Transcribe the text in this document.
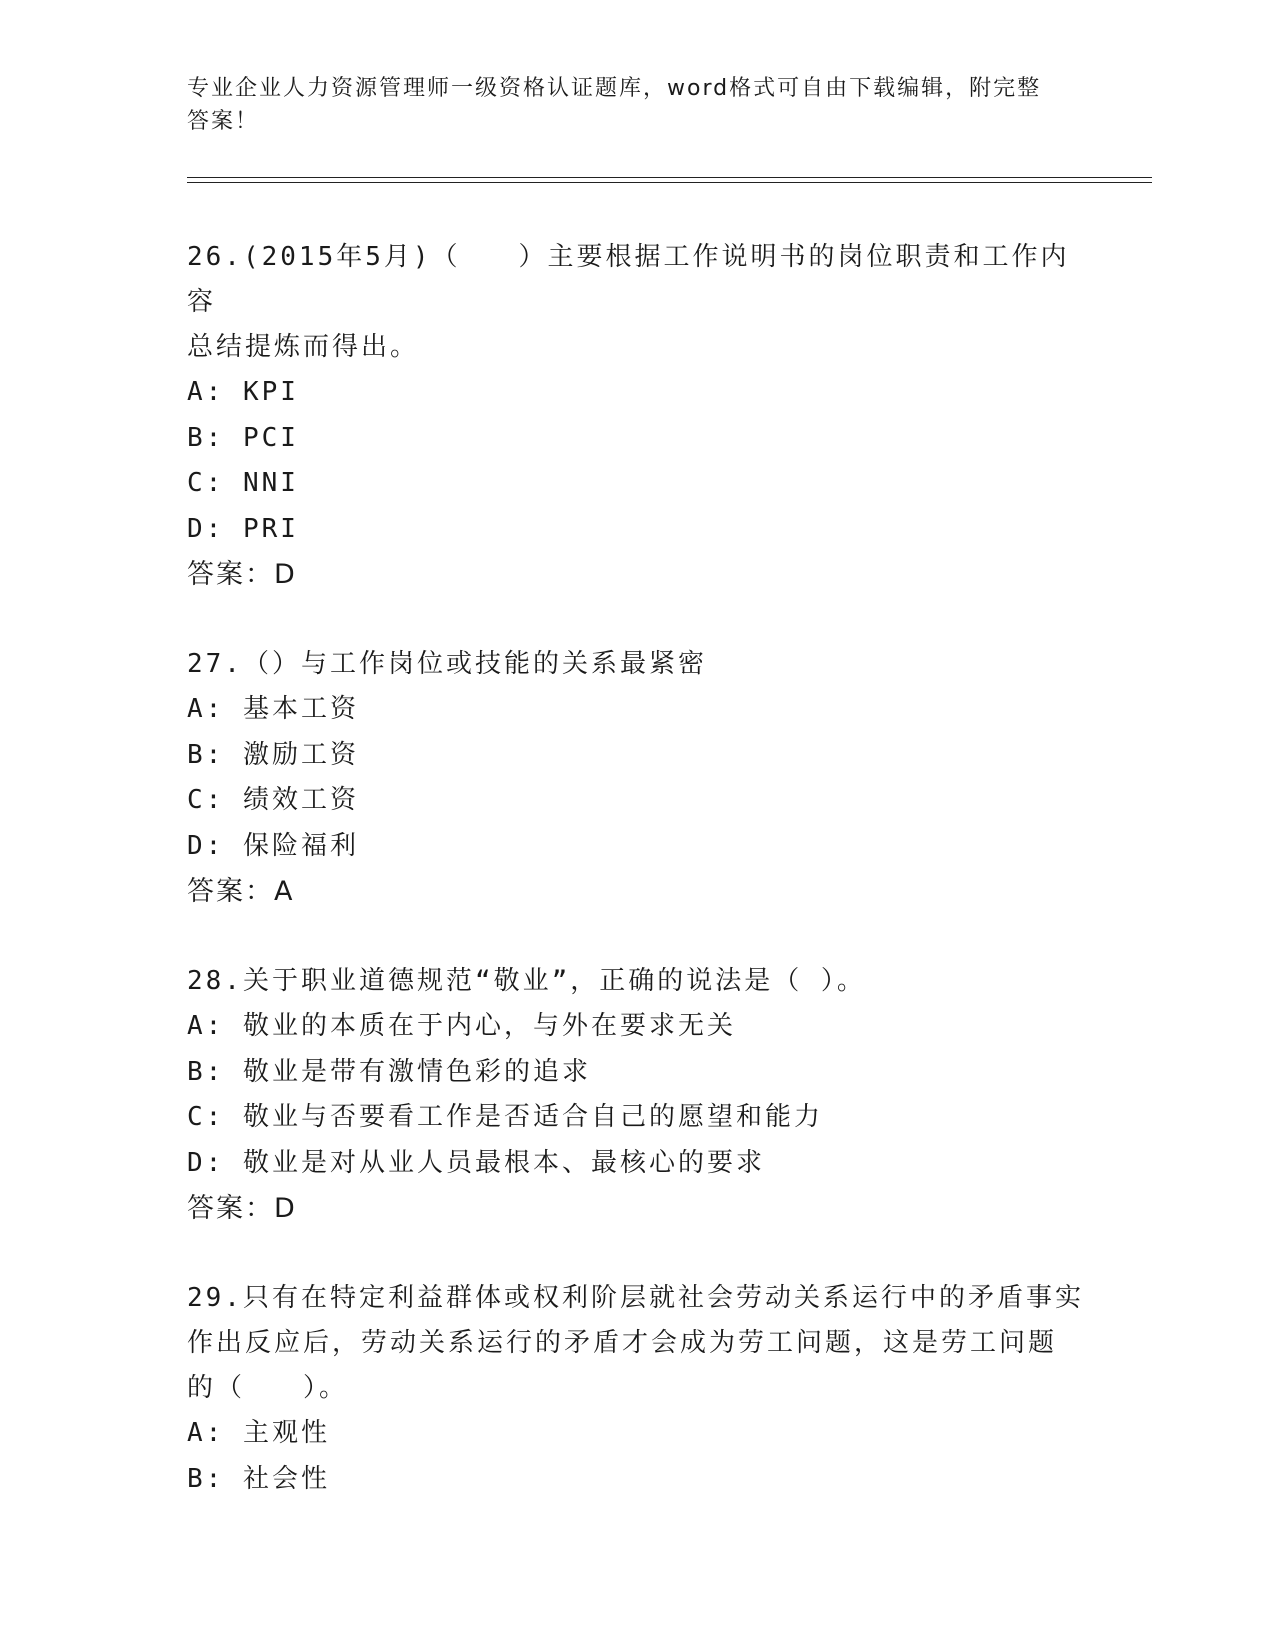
专业企业人力资源管理师一级资格认证题库，word格式可自由下载编辑，附完整
答案！
26.(2015年5月)（　　）主要根据工作说明书的岗位职责和工作内容
总结提炼而得出。
A: KPI
B: PCI
C: NNI
D: PRI
答案：D
27.（）与工作岗位或技能的关系最紧密
A: 基本工资
B: 激励工资
C: 绩效工资
D: 保险福利
答案：A
28.关于职业道德规范“敬业”，正确的说法是（ ）。
A: 敬业的本质在于内心，与外在要求无关
B: 敬业是带有激情色彩的追求
C: 敬业与否要看工作是否适合自己的愿望和能力
D: 敬业是对从业人员最根本、最核心的要求
答案：D
29.只有在特定利益群体或权利阶层就社会劳动关系运行中的矛盾事实
作出反应后，劳动关系运行的矛盾才会成为劳工问题，这是劳工问题
的（　　）。
A: 主观性
B: 社会性
